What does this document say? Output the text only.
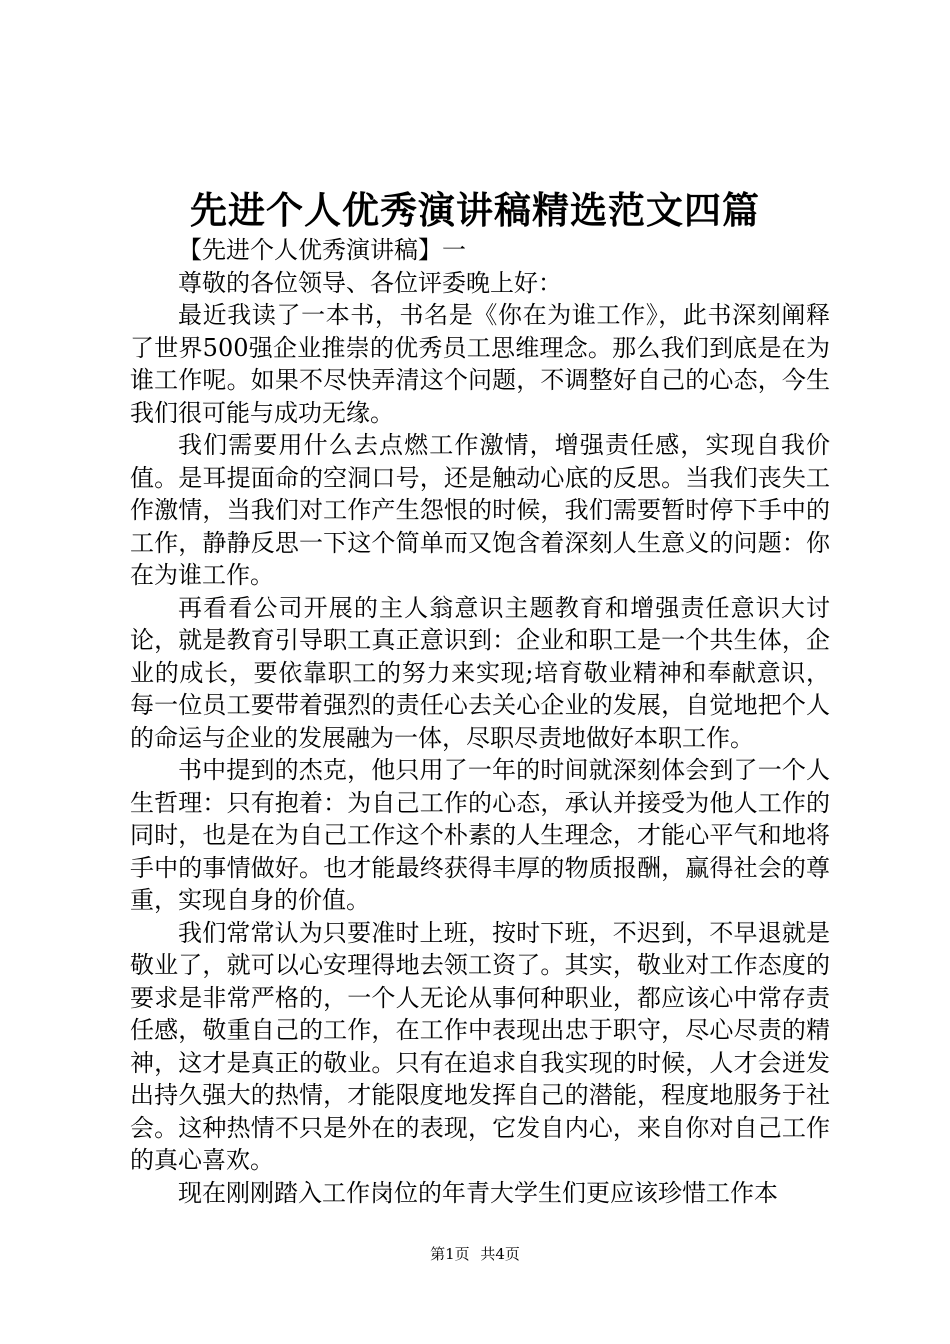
先进个人优秀演讲稿精选范文四篇

【先进个人优秀演讲稿】一

尊敬的各位领导、各位评委晚上好：

最近我读了一本书，书名是《你在为谁工作》，此书深刻阐释了世界500强企业推崇的优秀员工思维理念。那么我们到底是在为谁工作呢。如果不尽快弄清这个问题，不调整好自己的心态，今生我们很可能与成功无缘。

我们需要用什么去点燃工作激情，增强责任感，实现自我价值。是耳提面命的空洞口号，还是触动心底的反思。当我们丧失工作激情，当我们对工作产生怨恨的时候，我们需要暂时停下手中的工作，静静反思一下这个简单而又饱含着深刻人生意义的问题：你在为谁工作。

再看看公司开展的主人翁意识主题教育和增强责任意识大讨论，就是教育引导职工真正意识到：企业和职工是一个共生体，企业的成长，要依靠职工的努力来实现;培育敬业精神和奉献意识，每一位员工要带着强烈的责任心去关心企业的发展，自觉地把个人的命运与企业的发展融为一体，尽职尽责地做好本职工作。

书中提到的杰克，他只用了一年的时间就深刻体会到了一个人生哲理：只有抱着：为自己工作的心态，承认并接受为他人工作的同时，也是在为自己工作这个朴素的人生理念，才能心平气和地将手中的事情做好。也才能最终获得丰厚的物质报酬，赢得社会的尊重，实现自身的价值。

我们常常认为只要准时上班，按时下班，不迟到，不早退就是敬业了，就可以心安理得地去领工资了。其实，敬业对工作态度的要求是非常严格的，一个人无论从事何种职业，都应该心中常存责任感，敬重自己的工作，在工作中表现出忠于职守，尽心尽责的精神，这才是真正的敬业。只有在追求自我实现的时候，人才会迸发出持久强大的热情，才能限度地发挥自己的潜能，程度地服务于社会。这种热情不只是外在的表现，它发自内心，来自你对自己工作的真心喜欢。

现在刚刚踏入工作岗位的年青大学生们更应该珍惜工作本

第1页 共4页
